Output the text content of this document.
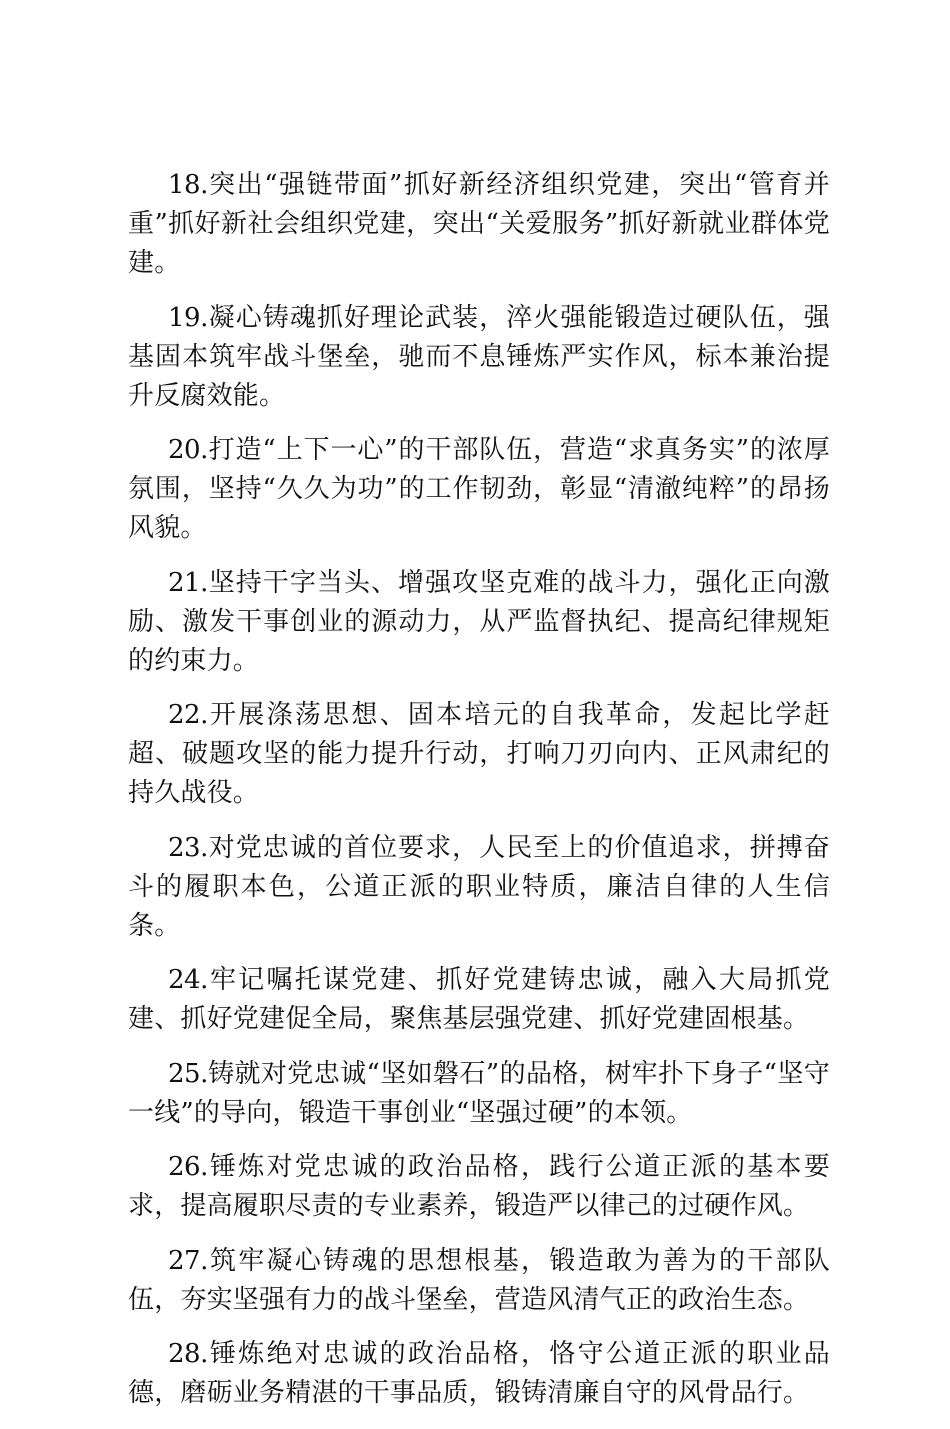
18.突出“强链带面”抓好新经济组织党建，突出“管育并重”抓好新社会组织党建，突出“关爱服务”抓好新就业群体党建。

19.凝心铸魂抓好理论武装，淬火强能锻造过硬队伍，强基固本筑牢战斗堡垒，驰而不息锤炼严实作风，标本兼治提升反腐效能。

20.打造“上下一心”的干部队伍，营造“求真务实”的浓厚氛围，坚持“久久为功”的工作韧劲，彰显“清澈纯粹”的昂扬风貌。

21.坚持干字当头、增强攻坚克难的战斗力，强化正向激励、激发干事创业的源动力，从严监督执纪、提高纪律规矩的约束力。

22.开展涤荡思想、固本培元的自我革命，发起比学赶超、破题攻坚的能力提升行动，打响刀刃向内、正风肃纪的持久战役。

23.对党忠诚的首位要求，人民至上的价值追求，拼搏奋斗的履职本色，公道正派的职业特质，廉洁自律的人生信条。

24.牢记嘱托谋党建、抓好党建铸忠诚，融入大局抓党建、抓好党建促全局，聚焦基层强党建、抓好党建固根基。

25.铸就对党忠诚“坚如磐石”的品格，树牢扑下身子“坚守一线”的导向，锻造干事创业“坚强过硬”的本领。

26.锤炼对党忠诚的政治品格，践行公道正派的基本要求，提高履职尽责的专业素养，锻造严以律己的过硬作风。

27.筑牢凝心铸魂的思想根基，锻造敢为善为的干部队伍，夯实坚强有力的战斗堡垒，营造风清气正的政治生态。

28.锤炼绝对忠诚的政治品格，恪守公道正派的职业品德，磨砺业务精湛的干事品质，锻铸清廉自守的风骨品行。
